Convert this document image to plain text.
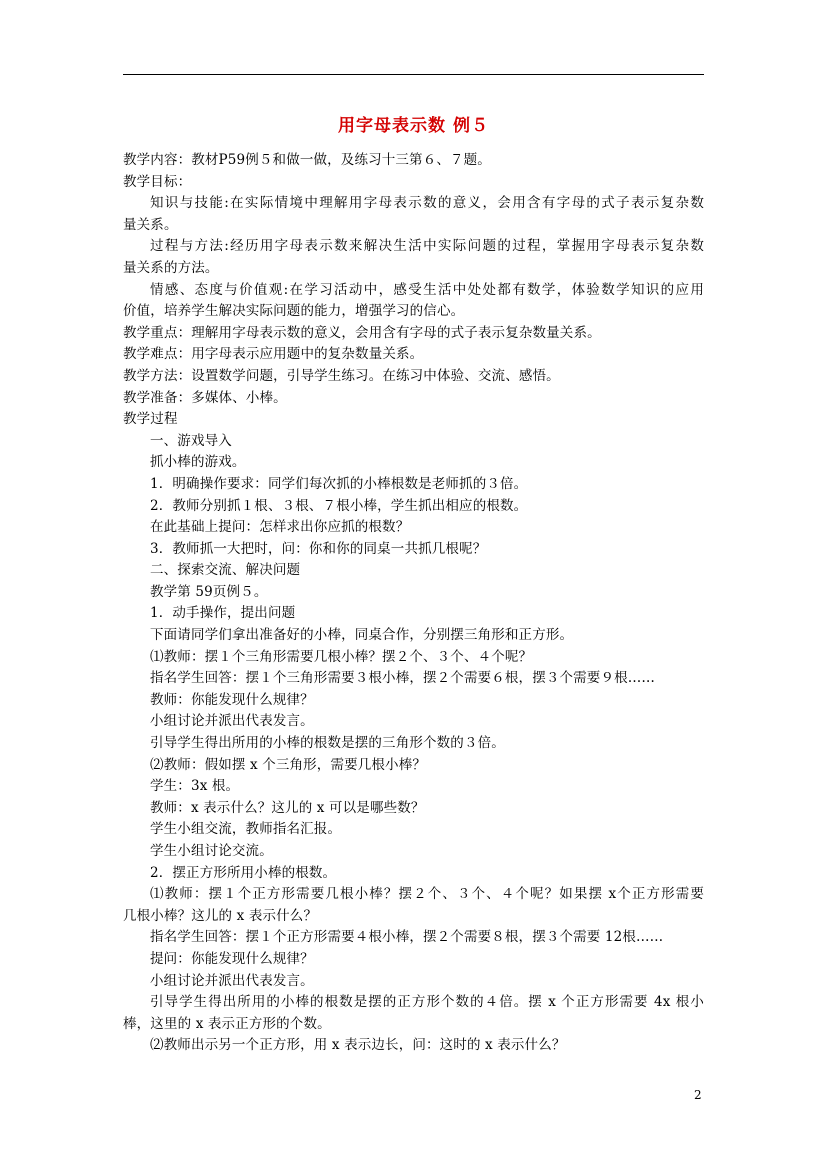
用字母表示数 例５
教学内容：教材P59例５和做一做，及练习十三第６、７题。
教学目标：
知识与技能:在实际情境中理解用字母表示数的意义，会用含有字母的式子表示复杂数
量关系。
过程与方法:经历用字母表示数来解决生活中实际问题的过程，掌握用字母表示复杂数
量关系的方法。
情感、态度与价值观:在学习活动中，感受生活中处处都有数学，体验数学知识的应用
价值，培养学生解决实际问题的能力，增强学习的信心。
教学重点：理解用字母表示数的意义，会用含有字母的式子表示复杂数量关系。
教学难点：用字母表示应用题中的复杂数量关系。
教学方法：设置数学问题，引导学生练习。在练习中体验、交流、感悟。
教学准备：多媒体、小棒。
教学过程
一、游戏导入
抓小棒的游戏。
1．明确操作要求：同学们每次抓的小棒根数是老师抓的３倍。
2．教师分别抓１根、３根、７根小棒，学生抓出相应的根数。
在此基础上提问：怎样求出你应抓的根数？
3．教师抓一大把时，问：你和你的同桌一共抓几根呢？
二、探索交流、解决问题
教学第 59页例５。
1．动手操作，提出问题
下面请同学们拿出准备好的小棒，同桌合作，分别摆三角形和正方形。
⑴教师：摆１个三角形需要几根小棒？摆２个、３个、４个呢？
指名学生回答：摆１个三角形需要３根小棒，摆２个需要６根，摆３个需要９根……
教师：你能发现什么规律？
小组讨论并派出代表发言。
引导学生得出所用的小棒的根数是摆的三角形个数的３倍。
⑵教师：假如摆 x 个三角形，需要几根小棒？
学生：3x 根。
教师：x 表示什么？这儿的 x 可以是哪些数？
学生小组交流，教师指名汇报。
学生小组讨论交流。
2．摆正方形所用小棒的根数。
⑴教师：摆１个正方形需要几根小棒？摆２个、３个、４个呢？如果摆 x个正方形需要
几根小棒？这儿的 x 表示什么？
指名学生回答：摆１个正方形需要４根小棒，摆２个需要８根，摆３个需要 12根……
提问：你能发现什么规律？
小组讨论并派出代表发言。
引导学生得出所用的小棒的根数是摆的正方形个数的４倍。摆 x 个正方形需要 4x 根小
棒，这里的 x 表示正方形的个数。
⑵教师出示另一个正方形，用 x 表示边长，问：这时的 x 表示什么？
2
